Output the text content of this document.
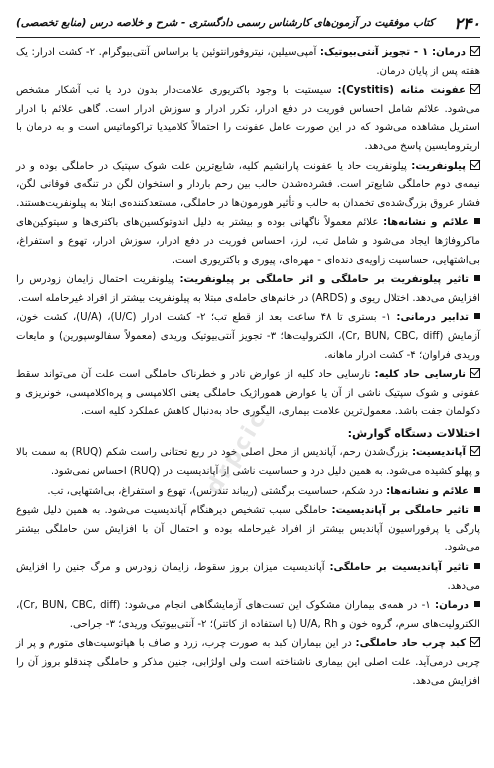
۲۴۰
کتاب موفقیت در آزمون‌های کارشناس رسمی دادگستری - شرح و خلاصه درس (منابع تخصصی)

درمان: ۱ - تجویز آنتی‌بیوتیک: آمپی‌سیلین، نیتروفورانتوئین یا براساس آنتی‌بیوگرام. ۲- کشت ادرار: یک هفته پس از پایان درمان.

عفونت مثانه (Cystitis): سیستیت با وجود باکتریوری علامت‌دار بدون درد یا تب آشکار مشخص می‌شود. علائم شامل احساس فوریت در دفع ادرار، تکرر ادرار و سوزش ادرار است. گاهی علائم با ادرار استریل مشاهده می‌شود که در این صورت عامل عفونت را احتمالاً کلامیدیا تراکوماتیس است و به درمان با اریترومایسین پاسخ می‌دهد.

پیلونفریت: پیلونفریت حاد یا عفونت پارانشیم کلیه، شایع‌ترین علت شوک سپتیک در حاملگی بوده و در نیمه‌ی دوم حاملگی شایع‌تر است. فشرده‌شدن حالب بین رحم باردار و استخوان لگن در تنگه‌ی فوقانی لگن، فشار عروق بزرگ‌شده‌ی تخمدان به حالب و تأثیر هورمون‌ها در حاملگی، مستعدکننده‌ی ابتلا به پیلونفریت‌هستند.

علائم و نشانه‌ها: علائم معمولاً ناگهانی بوده و بیشتر به دلیل اندوتوکسین‌های باکتری‌ها و سیتوکین‌های ماکروفاژها ایجاد می‌شود و شامل تب، لرز، احساس فوریت در دفع ادرار، سوزش ادرار، تهوع و استفراغ، بی‌اشتهایی، حساسیت زاویه‌ی دنده‌ای - مهره‌ای، پیوری و باکتریوری است.

تاثیر پیلونفریت بر حاملگی و اثر حاملگی بر پیلونفریت: پیلونفریت احتمال زایمان زودرس را افزایش می‌دهد. اختلال ریوی و (ARDS) در خانم‌های حامله‌ی مبتلا به پیلونفریت بیشتر از افراد غیرحامله است.

تدابیر درمانی: ۱- بستری تا ۴۸ ساعت بعد از قطع تب؛ ۲- کشت ادرار (U/C)، (U/A)، کشت خون، آزمایش (Cr, BUN, CBC, diff)، الکترولیت‌ها؛ ۳- تجویز آنتی‌بیوتیک وریدی (معمولاً سفالوسپورین) و مایعات وریدی فراوان؛ ۴- کشت ادرار ماهانه.

نارسایی حاد کلیه: نارسایی حاد کلیه از عوارض نادر و خطرناک حاملگی است علت آن می‌تواند سقط عفونی و شوک سپتیک ناشی از آن یا عوارض هموراژیک حاملگی یعنی اکلامپسی و پره‌اکلامپسی، خونریزی و دکولمان جفت باشد. معمول‌ترین علامت بیماری، الیگوری حاد به‌دنبال کاهش عملکرد کلیه است.

اختلالات دستگاه گوارش:

آپاندیسیت: بزرگ‌شدن رحم، آپاندیس از محل اصلی خود در ربع تحتانی راست شکم (RUQ) به سمت بالا و پهلو کشیده می‌شود. به همین دلیل درد و حساسیت ناشی از آپاندیسیت در (RUQ) احساس نمی‌شود.

علائم و نشانه‌ها: درد شکم، حساسیت برگشتی (ریباند تندرنس)، تهوع و استفراغ، بی‌اشتهایی، تب.

تاثیر حاملگی بر آپاندیسیت: حاملگی سبب تشخیص دیرهنگام آپاندیسیت می‌شود. به همین دلیل شیوع پارگی یا پرفوراسیون آپاندیس بیشتر از افراد غیرحامله بوده و احتمال آن با افزایش سن حاملگی بیشتر می‌شود.

تاثیر آپاندیسیت بر حاملگی: آپاندیسیت میزان بروز سقوط، زایمان زودرس و مرگ جنین را افزایش می‌دهد.

درمان: ۱- در همه‌ی بیماران مشکوک این تست‌های آزمایشگاهی انجام می‌شود: (Cr, BUN, CBC, diff)، الکترولیت‌های سرم، گروه خون و U/A, Rh (با استفاده از کاتتر)؛ ۲- آنتی‌بیوتیک وریدی؛ ۳- جراحی.

کبد چرب حاد حاملگی: در این بیماران کبد به صورت چرب، زرد و صاف با هپاتوسیت‌های متورم و پر از چربی درمی‌آید. علت اصلی این بیماری ناشناخته است ولی اولژابی، جنین مذکر و حاملگی چندقلو بروز آن را افزایش می‌دهد.

drpcic
